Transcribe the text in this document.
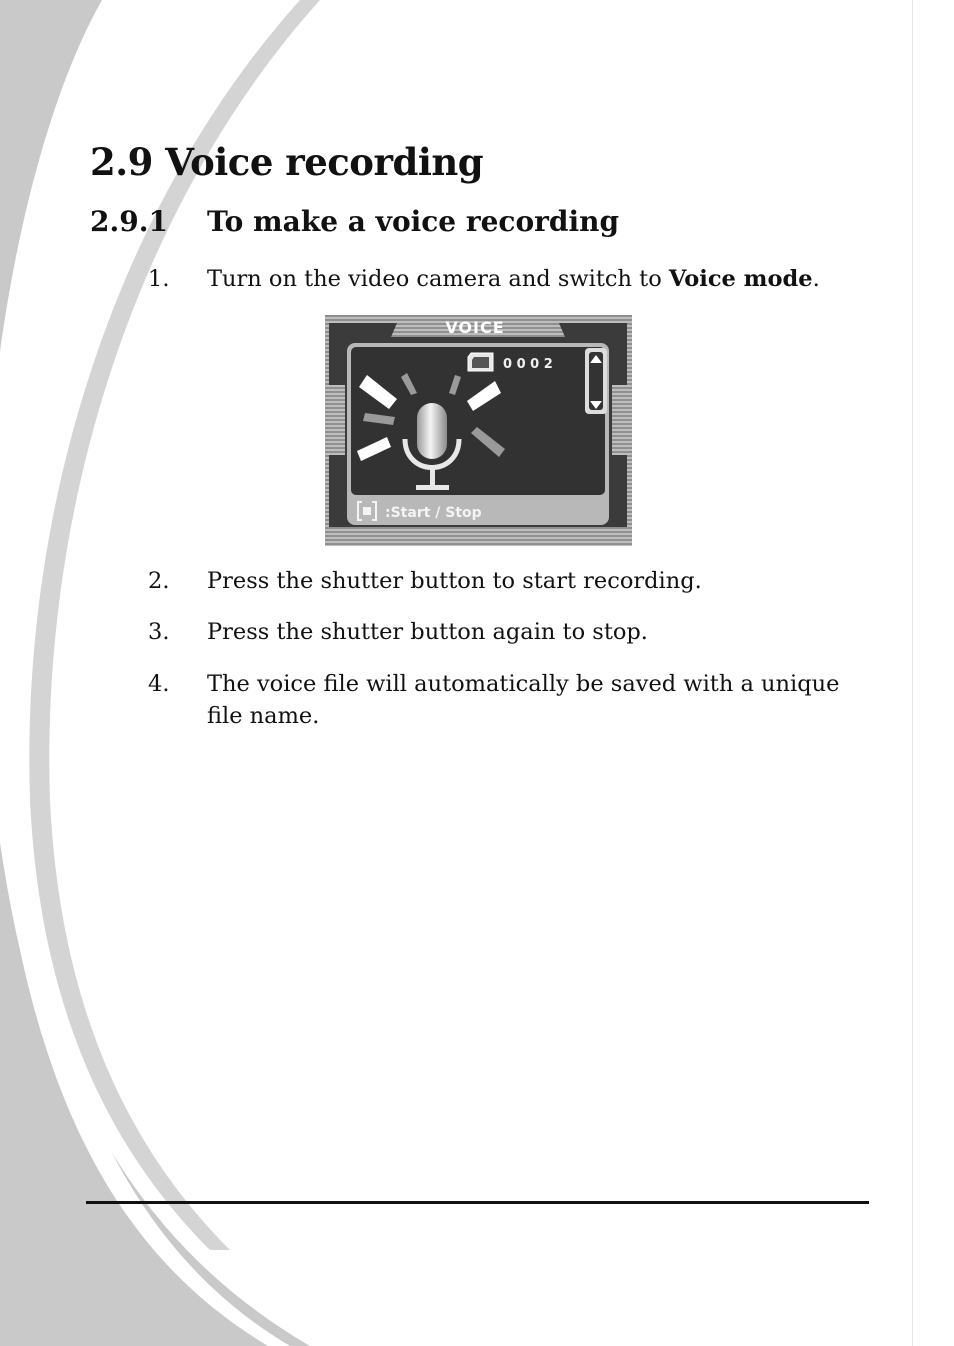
2.9 Voice recording
2.9.1 To make a voice recording
1. Turn on the video camera and switch to Voice mode.
VOICE
0 0 0 2
:Start / Stop
2. Press the shutter button to start recording.
3. Press the shutter button again to stop.
4. The voice file will automatically be saved with a unique file name.
